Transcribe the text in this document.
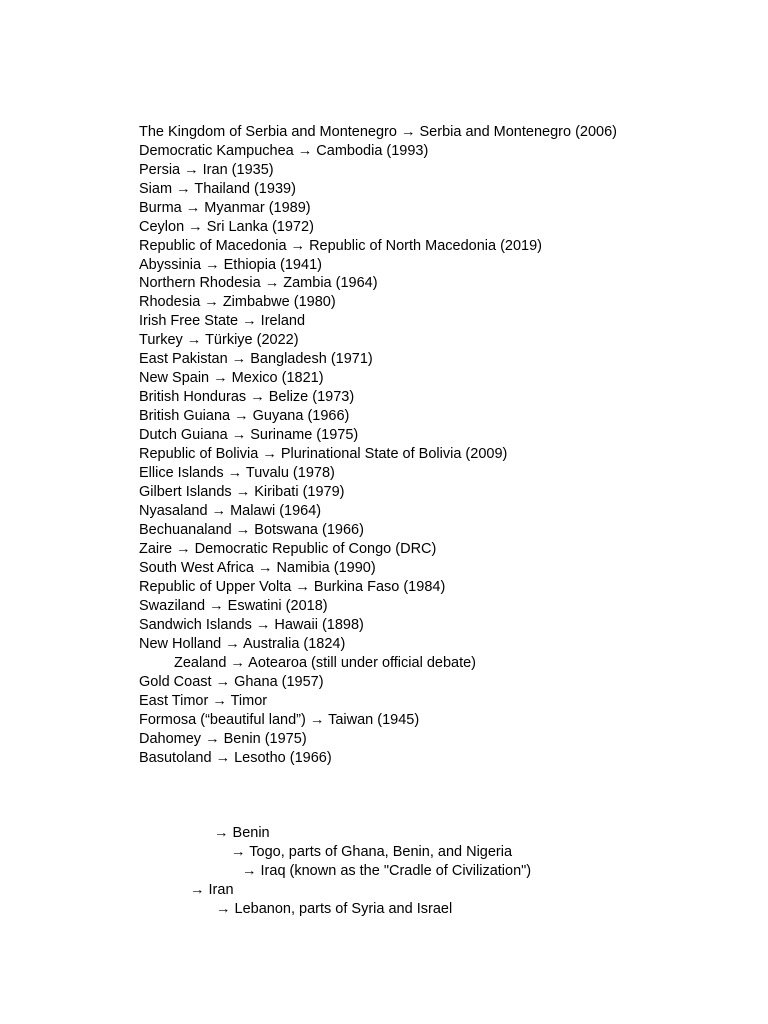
The Kingdom of Serbia and Montenegro → Serbia and Montenegro (2006)
Democratic Kampuchea → Cambodia (1993)
Persia → Iran (1935)
Siam → Thailand (1939)
Burma → Myanmar (1989)
Ceylon → Sri Lanka (1972)
Republic of Macedonia → Republic of North Macedonia (2019)
Abyssinia → Ethiopia (1941)
Northern Rhodesia → Zambia (1964)
Rhodesia → Zimbabwe (1980)
Irish Free State → Ireland
Turkey → Türkiye (2022)
East Pakistan → Bangladesh (1971)
New Spain → Mexico (1821)
British Honduras → Belize (1973)
British Guiana → Guyana (1966)
Dutch Guiana → Suriname (1975)
Republic of Bolivia → Plurinational State of Bolivia (2009)
Ellice Islands → Tuvalu (1978)
Gilbert Islands → Kiribati (1979)
Nyasaland → Malawi (1964)
Bechuanaland → Botswana (1966)
Zaire → Democratic Republic of Congo (DRC)
South West Africa → Namibia (1990)
Republic of Upper Volta → Burkina Faso (1984)
Swaziland → Eswatini (2018)
Sandwich Islands → Hawaii (1898)
New Holland → Australia (1824)
Zealand → Aotearoa (still under official debate)
Gold Coast → Ghana (1957)
East Timor → Timor
Formosa (“beautiful land”) → Taiwan (1945)
Dahomey → Benin (1975)
Basutoland → Lesotho (1966)
→ Benin
→ Togo, parts of Ghana, Benin, and Nigeria
→ Iraq (known as the "Cradle of Civilization")
→ Iran
→ Lebanon, parts of Syria and Israel
